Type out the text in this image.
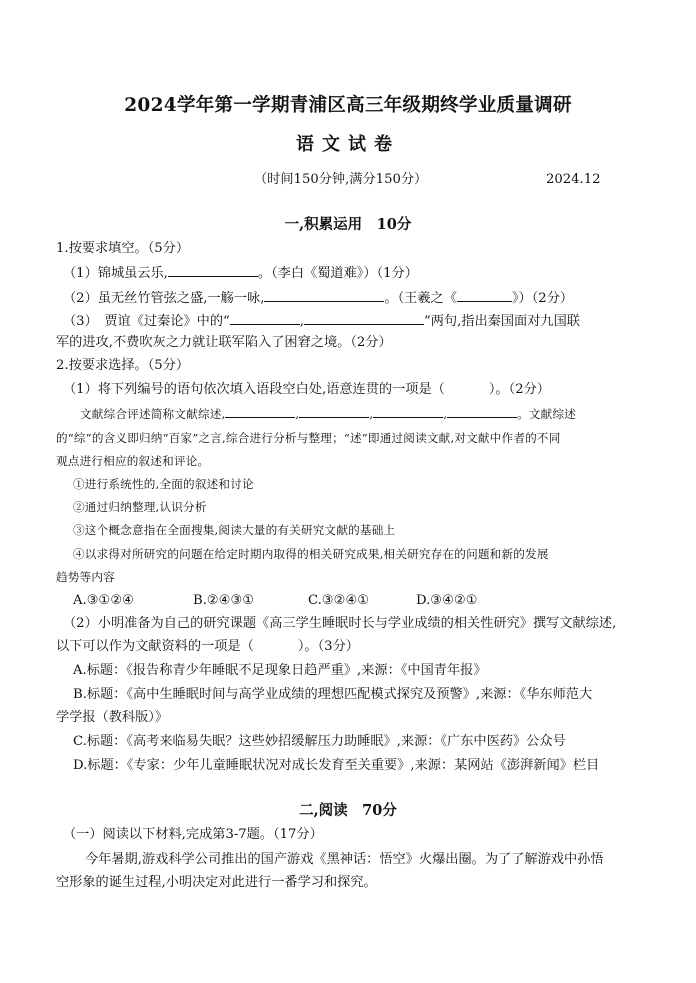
2024学年第一学期青浦区高三年级期终学业质量调研
语文试卷
（时间150分钟,满分150分）	2024.12
一,积累运用　10分
1.按要求填空。（5分）
（1）锦城虽云乐,	。（李白《蜀道难》）（1分）
（2）虽无丝竹管弦之盛,一觞一咏,	。（王羲之《	》）（2分）
（3）　贾谊《过秦论》中的“	,	”两句,指出秦国面对九国联
军的进攻,不费吹灰之力就让联军陷入了困窘之境。（2分）
2.按要求选择。（5分）
（1）将下列编号的语句依次填入语段空白处,语意连贯的一项是（	）。（2分）
文献综合评述简称文献综述,	,	,	,	。文献综述
的“综”的含义即归纳“百家”之言,综合进行分析与整理；“述”即通过阅读文献,对文献中作者的不同
观点进行相应的叙述和评论。
①进行系统性的,全面的叙述和讨论
②通过归纳整理,认识分析
③这个概念意指在全面搜集,阅读大量的有关研究文献的基础上
④以求得对所研究的问题在给定时期内取得的相关研究成果,相关研究存在的问题和新的发展
趋势等内容
A.③①②④	B.②④③①	C.③②④①	D.③④②①
（2）小明准备为自己的研究课题《高三学生睡眠时长与学业成绩的相关性研究》撰写文献综述,
以下可以作为文献资料的一项是（	）。（3分）
A.标题：《报告称青少年睡眠不足现象日趋严重》,来源：《中国青年报》
B.标题：《高中生睡眠时间与高学业成绩的理想匹配模式探究及预警》,来源：《华东师范大
学学报（教科版）》
C.标题：《高考来临易失眠？这些妙招缓解压力助睡眠》,来源：《广东中医药》公众号
D.标题：《专家：少年儿童睡眠状况对成长发育至关重要》,来源：某网站《澎湃新闻》栏目
二,阅读　70分
（一）阅读以下材料,完成第3-7题。（17分）
今年暑期,游戏科学公司推出的国产游戏《黑神话：悟空》火爆出圈。为了了解游戏中孙悟
空形象的诞生过程,小明决定对此进行一番学习和探究。
